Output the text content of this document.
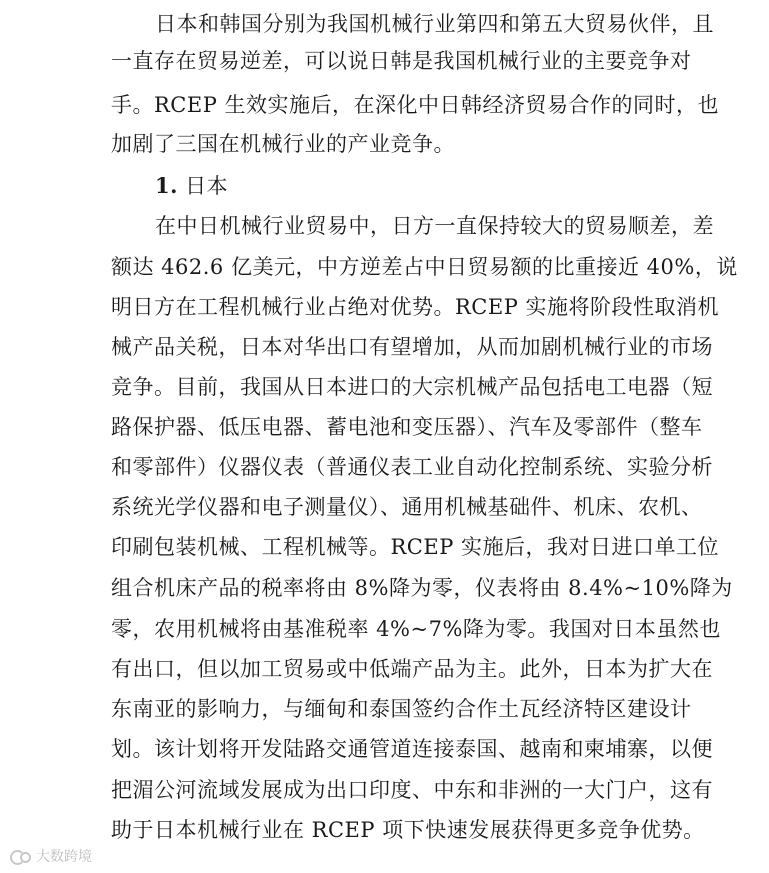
日本和韩国分别为我国机械行业第四和第五大贸易伙伴，且
一直存在贸易逆差，可以说日韩是我国机械行业的主要竞争对
手。RCEP 生效实施后，在深化中日韩经济贸易合作的同时，也
加剧了三国在机械行业的产业竞争。
1. 日本
在中日机械行业贸易中，日方一直保持较大的贸易顺差，差
额达 462.6 亿美元，中方逆差占中日贸易额的比重接近 40%，说
明日方在工程机械行业占绝对优势。RCEP 实施将阶段性取消机
械产品关税，日本对华出口有望增加，从而加剧机械行业的市场
竞争。目前，我国从日本进口的大宗机械产品包括电工电器（短
路保护器、低压电器、蓄电池和变压器）、汽车及零部件（整车
和零部件）仪器仪表（普通仪表工业自动化控制系统、实验分析
系统光学仪器和电子测量仪）、通用机械基础件、机床、农机、
印刷包装机械、工程机械等。RCEP 实施后，我对日进口单工位
组合机床产品的税率将由 8%降为零，仪表将由 8.4%~10%降为
零，农用机械将由基准税率 4%~7%降为零。我国对日本虽然也
有出口，但以加工贸易或中低端产品为主。此外，日本为扩大在
东南亚的影响力，与缅甸和泰国签约合作土瓦经济特区建设计
划。该计划将开发陆路交通管道连接泰国、越南和柬埔寨，以便
把湄公河流域发展成为出口印度、中东和非洲的一大门户，这有
助于日本机械行业在 RCEP 项下快速发展获得更多竞争优势。
大数跨境
